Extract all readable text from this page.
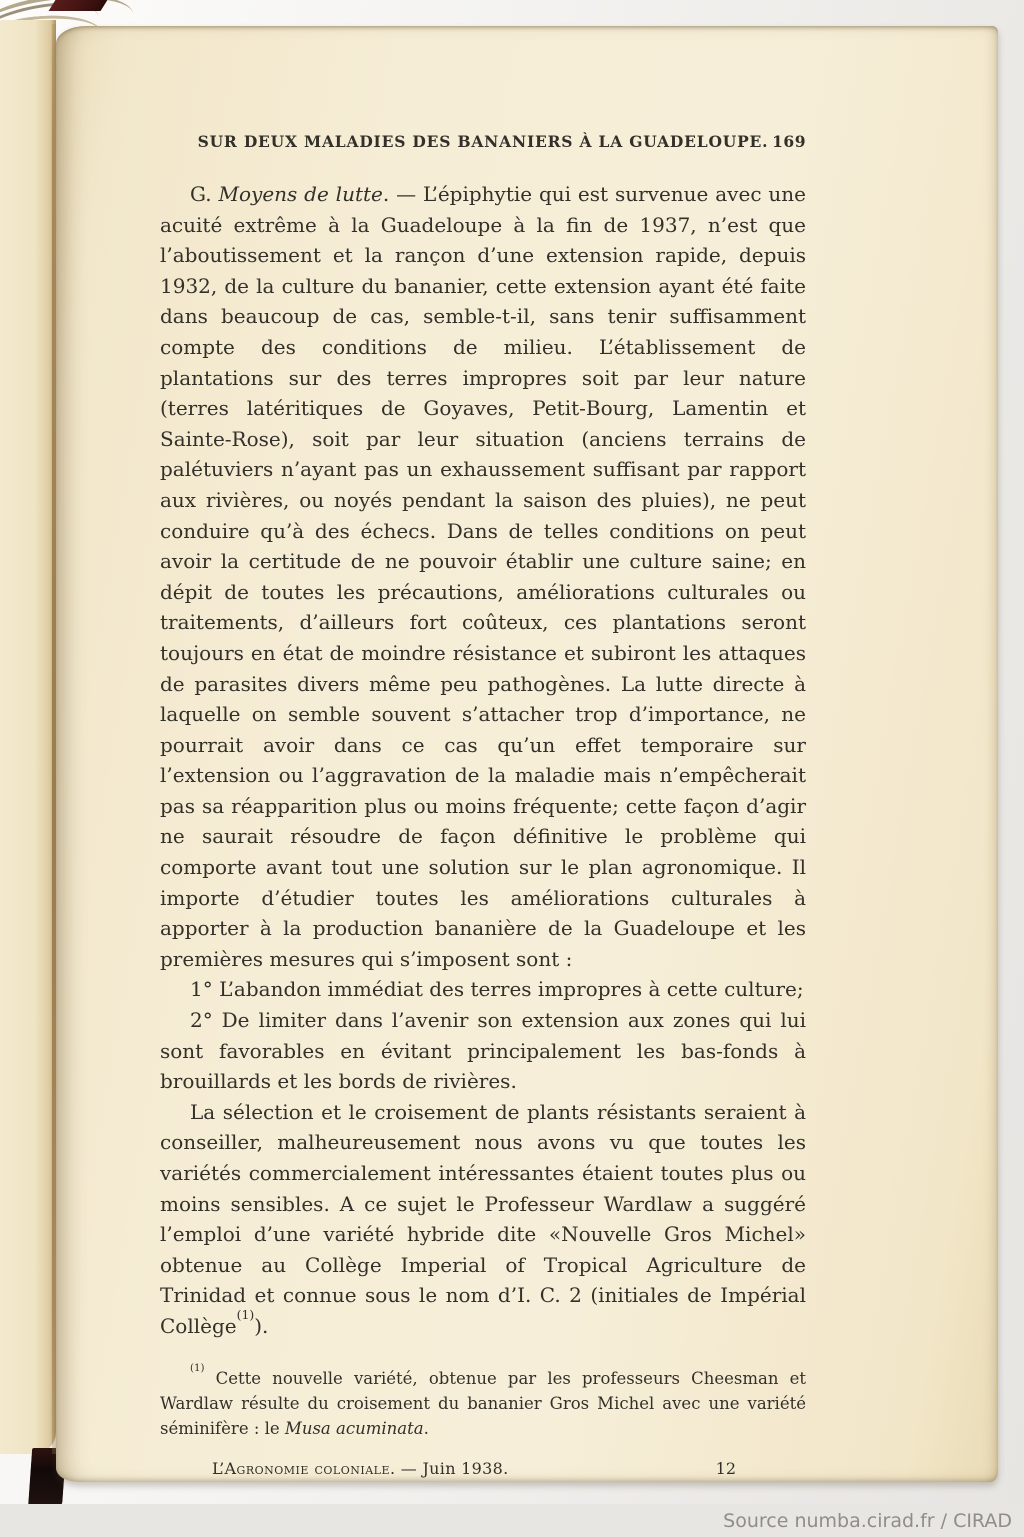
SUR DEUX MALADIES DES BANANIERS À LA GUADELOUPE. 169

G. Moyens de lutte. — L’épiphytie qui est survenue avec une acuité extrême à la Guadeloupe à la fin de 1937, n’est que l’aboutissement et la rançon d’une extension rapide, depuis 1932, de la culture du bananier, cette extension ayant été faite dans beaucoup de cas, semble-t-il, sans tenir suffisamment compte des conditions de milieu. L’établissement de plantations sur des terres impropres soit par leur nature (terres latéritiques de Goyaves, Petit-Bourg, Lamentin et Sainte-Rose), soit par leur situation (anciens terrains de palétuviers n’ayant pas un exhaussement suffisant par rapport aux rivières, ou noyés pendant la saison des pluies), ne peut conduire qu’à des échecs. Dans de telles conditions on peut avoir la certitude de ne pouvoir établir une culture saine; en dépit de toutes les précautions, améliorations culturales ou traitements, d’ailleurs fort coûteux, ces plantations seront toujours en état de moindre résistance et subiront les attaques de parasites divers même peu pathogènes. La lutte directe à laquelle on semble souvent s’attacher trop d’importance, ne pourrait avoir dans ce cas qu’un effet temporaire sur l’extension ou l’aggravation de la maladie mais n’empêcherait pas sa réapparition plus ou moins fréquente; cette façon d’agir ne saurait résoudre de façon définitive le problème qui comporte avant tout une solution sur le plan agronomique. Il importe d’étudier toutes les améliorations culturales à apporter à la production bananière de la Guadeloupe et les premières mesures qui s’imposent sont :

1° L’abandon immédiat des terres impropres à cette culture;

2° De limiter dans l’avenir son extension aux zones qui lui sont favorables en évitant principalement les bas-fonds à brouillards et les bords de rivières.

La sélection et le croisement de plants résistants seraient à conseiller, malheureusement nous avons vu que toutes les variétés commercialement intéressantes étaient toutes plus ou moins sensibles. A ce sujet le Professeur Wardlaw a suggéré l’emploi d’une variété hybride dite «Nouvelle Gros Michel» obtenue au Collège Imperial of Tropical Agriculture de Trinidad et connue sous le nom d’I. C. 2 (initiales de Impérial Collège$^{(1)}$).

$^{(1)}$ Cette nouvelle variété, obtenue par les professeurs Cheesman et Wardlaw résulte du croisement du bananier Gros Michel avec une variété séminifère : le Musa acuminata.
L’Agronomie coloniale. — Juin 1938.	12
Source numba.cirad.fr / CIRAD
